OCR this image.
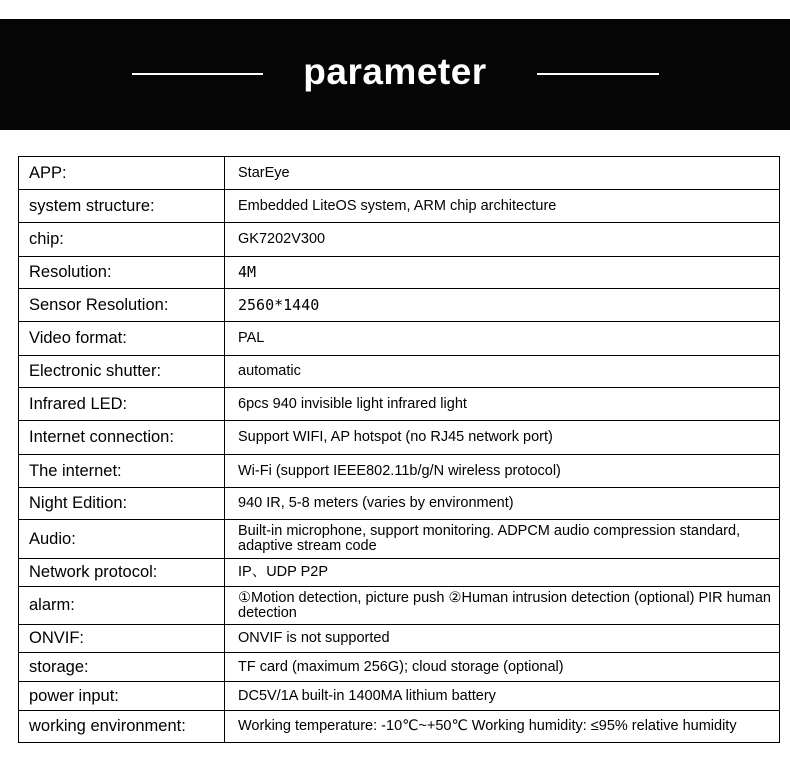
parameter
APP:	StarEye
system structure:	Embedded LiteOS system, ARM chip architecture
chip:	GK7202V300
Resolution:	4M
Sensor Resolution:	2560*1440
Video format:	PAL
Electronic shutter:	automatic
Infrared LED:	6pcs 940 invisible light infrared light
Internet connection:	Support WIFI, AP hotspot (no RJ45 network port)
The internet:	Wi-Fi (support IEEE802.11b/g/N wireless protocol)
Night Edition:	940 IR, 5-8 meters (varies by environment)
Audio:	Built-in microphone, support monitoring. ADPCM audio compression standard, adaptive stream code
Network protocol:	IP、UDP P2P
alarm:	①Motion detection, picture push ②Human intrusion detection (optional) PIR human detection
ONVIF:	ONVIF is not supported
storage:	TF card (maximum 256G); cloud storage (optional)
power input:	DC5V/1A built-in 1400MA lithium battery
working environment:	Working temperature: -10℃~+50℃ Working humidity: ≤95% relative humidity
